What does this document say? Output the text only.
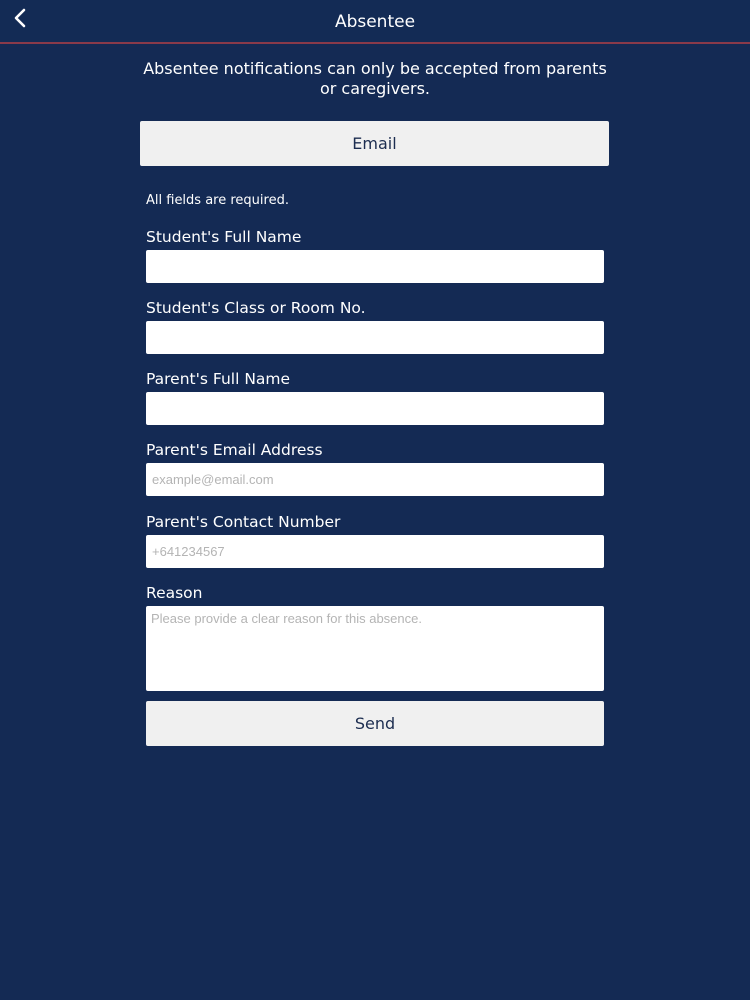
Absentee
Absentee notifications can only be accepted from parents or caregivers.
Email
All fields are required.
Student's Full Name
Student's Class or Room No.
Parent's Full Name
Parent's Email Address
example@email.com
Parent's Contact Number
+641234567
Reason
Please provide a clear reason for this absence.
Send
